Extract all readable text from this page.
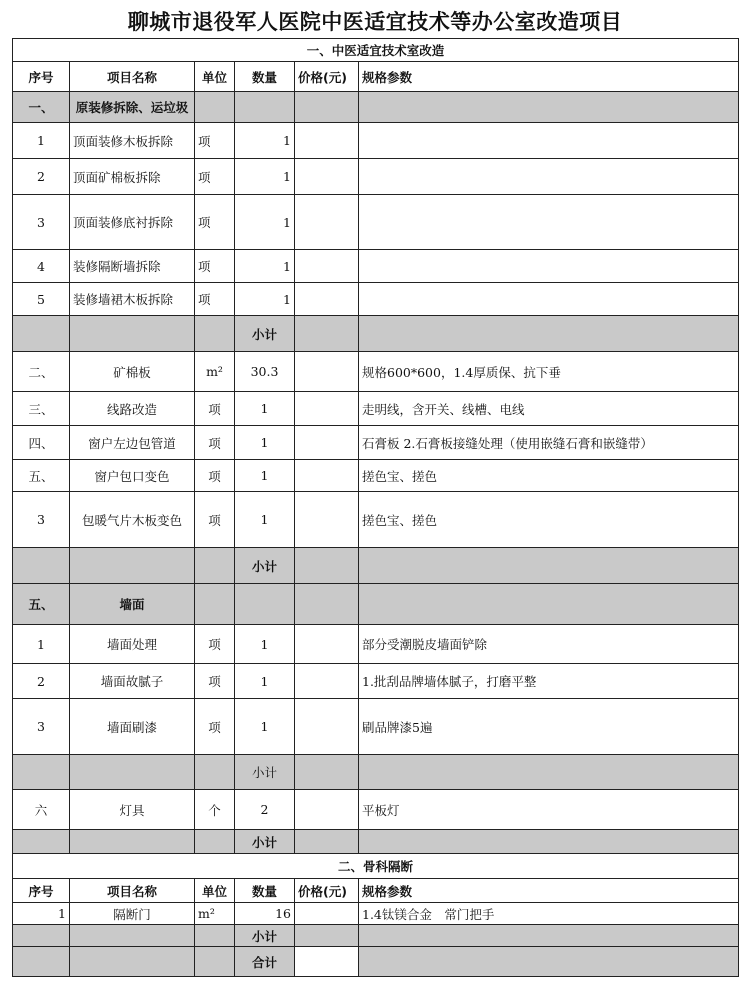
聊城市退役军人医院中医适宜技术等办公室改造项目
一、中医适宜技术室改造					
序号	项目名称	单位	数量	价格(元)	规格参数
一、	原装修拆除、运垃圾				
1	顶面装修木板拆除	项	1		
2	顶面矿棉板拆除	项	1		
3	顶面装修底衬拆除	项	1		
4	装修隔断墙拆除	项	1		
5	装修墙裙木板拆除	项	1		
			小计		
二、	矿棉板	m²	30.3		规格600*600，1.4厚质保、抗下垂
三、	线路改造	项	1		走明线，含开关、线槽、电线
四、	窗户左边包管道	项	1		石膏板 2.石膏板接缝处理（使用嵌缝石膏和嵌缝带）
五、	窗户包口变色	项	1		搓色宝、搓色
3	包暖气片木板变色	项	1		搓色宝、搓色
			小计		
五、	墙面				
1	墙面处理	项	1		部分受潮脱皮墙面铲除
2	墙面故腻子	项	1		1.批刮品牌墙体腻子，打磨平整
3	墙面刷漆	项	1		刷品牌漆5遍
			小计		
六	灯具	个	2		平板灯
			小计		
二、骨科隔断					
序号	项目名称	单位	数量	价格(元)	规格参数
1	隔断门	m²	16		1.4钛镁合金　常门把手
			小计		
			合计		
